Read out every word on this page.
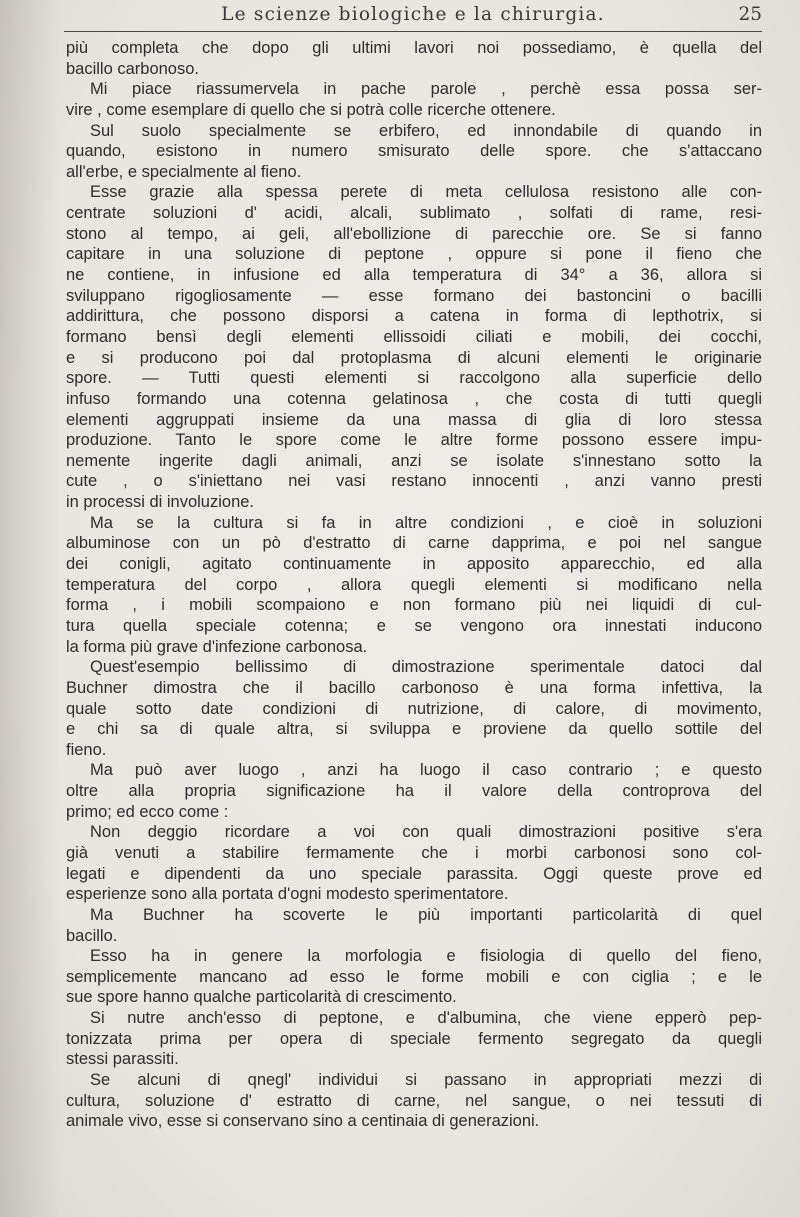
Le scienze biologiche e la chirurgia.	25
più completa che dopo gli ultimi lavori noi possediamo, è quella del
bacillo carbonoso.
Mi piace riassumervela in pache parole , perchè essa possa ser-
vire , come esemplare di quello che si potrà colle ricerche ottenere.
Sul suolo specialmente se erbifero, ed innondabile di quando in
quando, esistono in numero smisurato delle spore. che s'attaccano
all'erbe, e specialmente al fieno.
Esse grazie alla spessa perete di meta cellulosa resistono alle con-
centrate soluzioni d' acidi, alcali, sublimato , solfati di rame, resi-
stono al tempo, ai geli, all'ebollizione di parecchie ore. Se si fanno
capitare in una soluzione di peptone , oppure si pone il fieno che
ne contiene, in infusione ed alla temperatura di 34° a 36, allora si
sviluppano rigogliosamente — esse formano dei bastoncini o bacilli
addirittura, che possono disporsi a catena in forma di lepthotrix, si
formano bensì degli elementi ellissoidi ciliati e mobili, dei cocchi,
e si producono poi dal protoplasma di alcuni elementi le originarie
spore. — Tutti questi elementi si raccolgono alla superficie dello
infuso formando una cotenna gelatinosa , che costa di tutti quegli
elementi aggruppati insieme da una massa di glia di loro stessa
produzione. Tanto le spore come le altre forme possono essere impu-
nemente ingerite dagli animali, anzi se isolate s'innestano sotto la
cute , o s'iniettano nei vasi restano innocenti , anzi vanno presti
in processi di involuzione.
Ma se la cultura si fa in altre condizioni , e cioè in soluzioni
albuminose con un pò d'estratto di carne dapprima, e poi nel sangue
dei conigli, agitato continuamente in apposito apparecchio, ed alla
temperatura del corpo , allora quegli elementi si modificano nella
forma , i mobili scompaiono e non formano più nei liquidi di cul-
tura quella speciale cotenna; e se vengono ora innestati inducono
la forma più grave d'infezione carbonosa.
Quest'esempio bellissimo di dimostrazione sperimentale datoci dal
Buchner dimostra che il bacillo carbonoso è una forma infettiva, la
quale sotto date condizioni di nutrizione, di calore, di movimento,
e chi sa di quale altra, si sviluppa e proviene da quello sottile del
fieno.
Ma può aver luogo , anzi ha luogo il caso contrario ; e questo
oltre alla propria significazione ha il valore della controprova del
primo; ed ecco come :
Non deggio ricordare a voi con quali dimostrazioni positive s'era
già venuti a stabilire fermamente che i morbi carbonosi sono col-
legati e dipendenti da uno speciale parassita. Oggi queste prove ed
esperienze sono alla portata d'ogni modesto sperimentatore.
Ma Buchner ha scoverte le più importanti particolarità di quel
bacillo.
Esso ha in genere la morfologia e fisiologia di quello del fieno,
semplicemente mancano ad esso le forme mobili e con ciglia ; e le
sue spore hanno qualche particolarità di crescimento.
Si nutre anch'esso di peptone, e d'albumina, che viene epperò pep-
tonizzata prima per opera di speciale fermento segregato da quegli
stessi parassiti.
Se alcuni di qnegl' individui si passano in appropriati mezzi di
cultura, soluzione d' estratto di carne, nel sangue, o nei tessuti di
animale vivo, esse si conservano sino a centinaia di generazioni.
